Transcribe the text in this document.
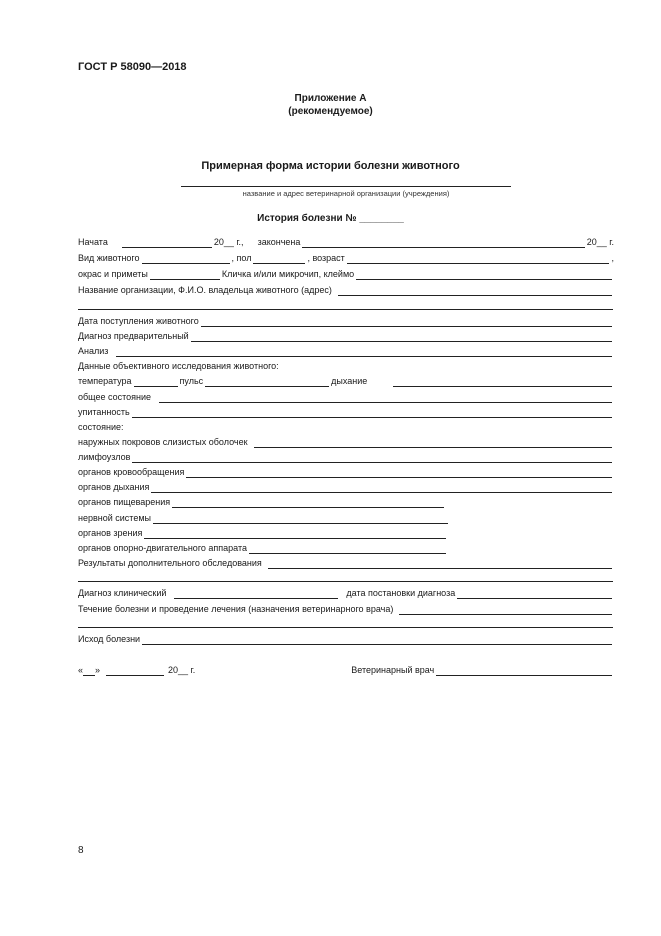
ГОСТ Р 58090—2018
Приложение А
(рекомендуемое)
Примерная форма истории болезни животного
название и адрес ветеринарной организации (учреждения)
История болезни № ________
Начата	20__ г., закончена	20__ г.
Вид животного	, пол	, возраст	,
окрас и приметы	Кличка и/или микрочип, клеймо
Название организации, Ф.И.О. владельца животного (адрес)
Дата поступления животного
Диагноз предварительный
Анализ
Данные объективного исследования животного:
температура	пульс	дыхание
общее состояние
упитанность
состояние:
наружных покровов слизистых оболочек
лимфоузлов
органов кровообращения
органов дыхания
органов пищеварения
нервной системы
органов зрения
органов опорно-двигательного аппарата
Результаты дополнительного обследования
Диагноз клинический	дата постановки диагноза
Течение болезни и проведение лечения (назначения ветеринарного врача)
Исход болезни
« »	20__ г.	Ветеринарный врач
8
